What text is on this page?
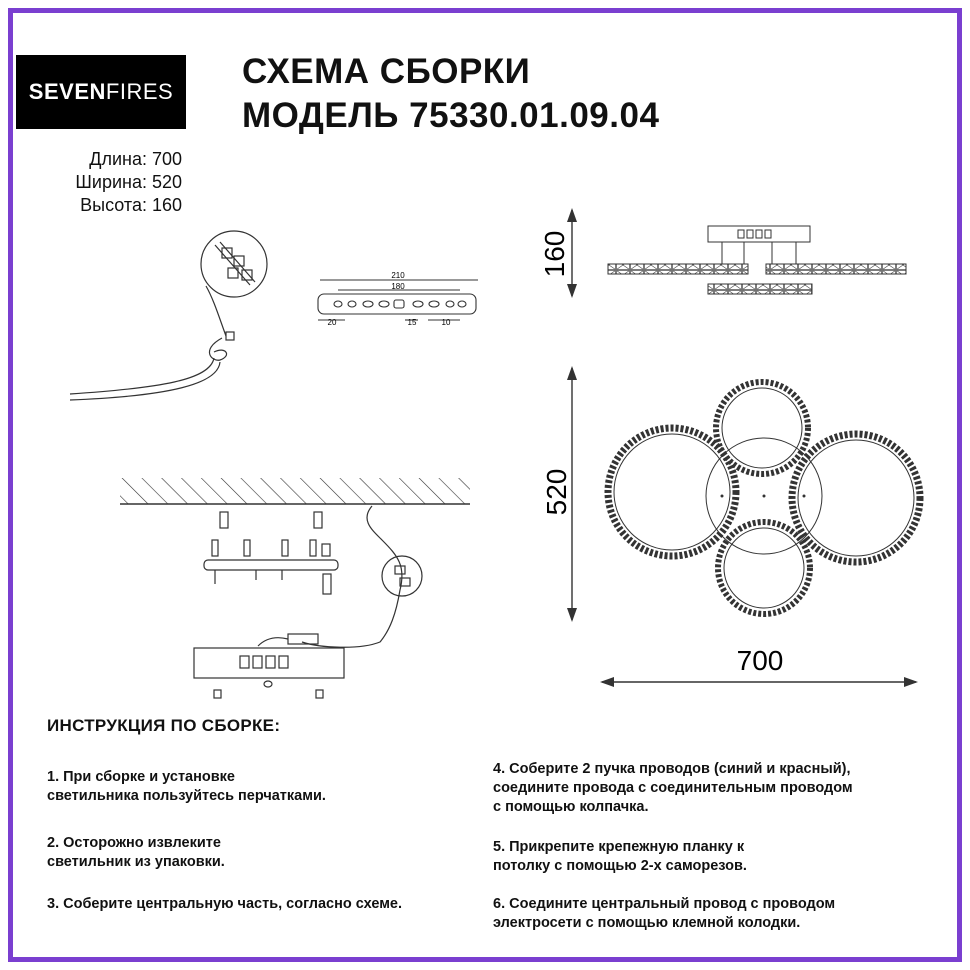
SEVEN FIRES
СХЕМА СБОРКИ
МОДЕЛЬ 75330.01.09.04
Длина: 700
Ширина: 520
Высота: 160
210
180
20	15	10
160
520
700
ИНСТРУКЦИЯ ПО СБОРКЕ:
1. При сборке и установке
светильника пользуйтесь перчатками.
2. Осторожно извлеките
светильник из упаковки.
3. Соберите центральную часть, согласно схеме.
4. Соберите 2 пучка проводов (синий и красный),
соедините провода с соединительным проводом
с помощью колпачка.
5. Прикрепите крепежную планку к
потолку с помощью 2-х саморезов.
6. Соедините центральный провод с проводом
электросети с помощью клемной колодки.
